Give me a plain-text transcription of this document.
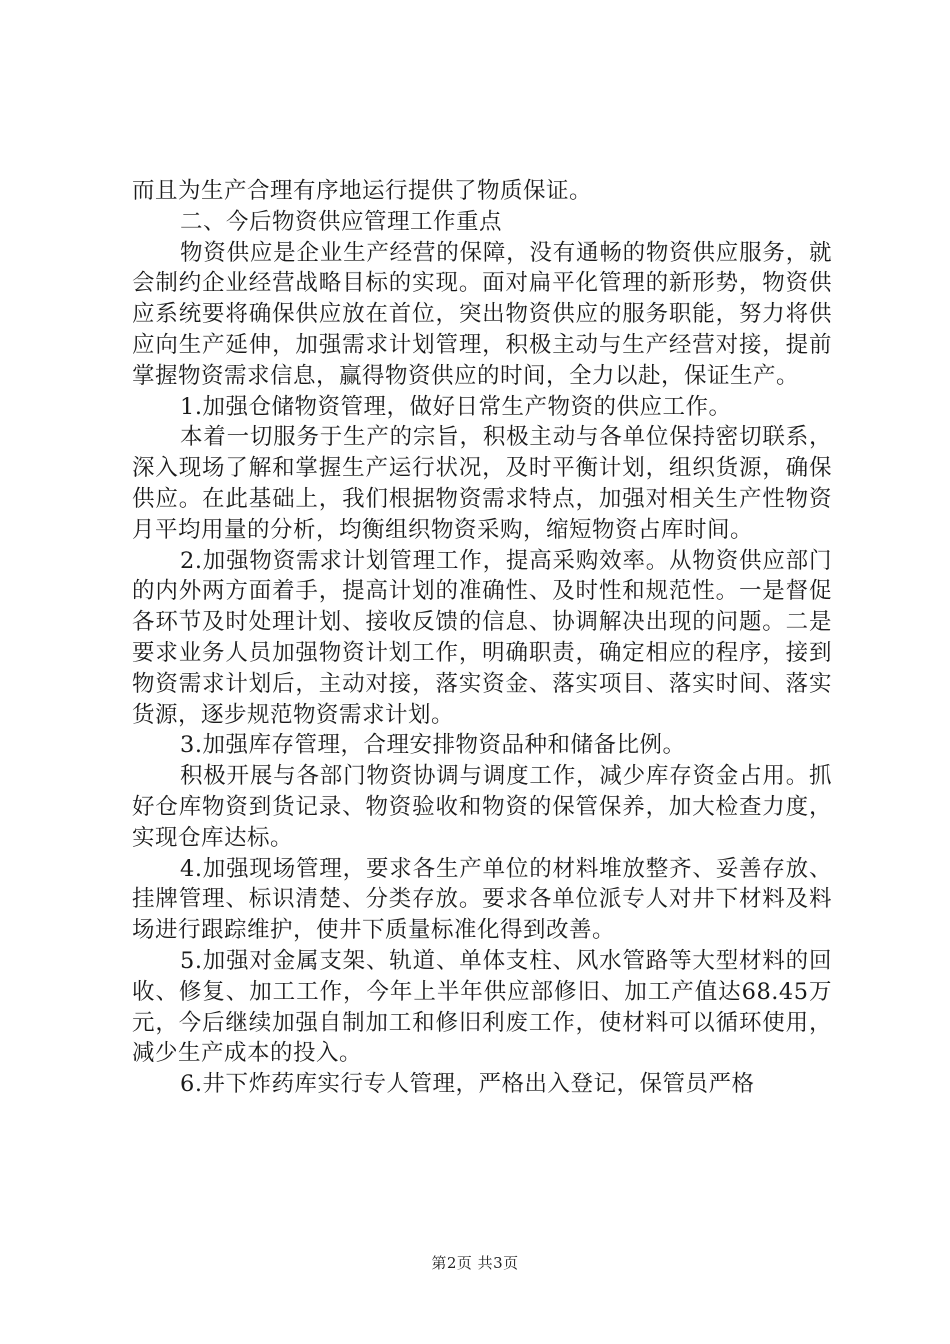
而且为生产合理有序地运行提供了物质保证。

二、今后物资供应管理工作重点

物资供应是企业生产经营的保障，没有通畅的物资供应服务，就会制约企业经营战略目标的实现。面对扁平化管理的新形势，物资供应系统要将确保供应放在首位，突出物资供应的服务职能，努力将供应向生产延伸，加强需求计划管理，积极主动与生产经营对接，提前掌握物资需求信息，赢得物资供应的时间，全力以赴，保证生产。

1.加强仓储物资管理，做好日常生产物资的供应工作。

本着一切服务于生产的宗旨，积极主动与各单位保持密切联系，深入现场了解和掌握生产运行状况，及时平衡计划，组织货源，确保供应。在此基础上，我们根据物资需求特点，加强对相关生产性物资月平均用量的分析，均衡组织物资采购，缩短物资占库时间。

2.加强物资需求计划管理工作，提高采购效率。从物资供应部门的内外两方面着手，提高计划的准确性、及时性和规范性。一是督促各环节及时处理计划、接收反馈的信息、协调解决出现的问题。二是要求业务人员加强物资计划工作，明确职责，确定相应的程序，接到物资需求计划后，主动对接，落实资金、落实项目、落实时间、落实货源，逐步规范物资需求计划。

3.加强库存管理，合理安排物资品种和储备比例。

积极开展与各部门物资协调与调度工作，减少库存资金占用。抓好仓库物资到货记录、物资验收和物资的保管保养，加大检查力度，实现仓库达标。

4.加强现场管理，要求各生产单位的材料堆放整齐、妥善存放、挂牌管理、标识清楚、分类存放。要求各单位派专人对井下材料及料场进行跟踪维护，使井下质量标准化得到改善。

5.加强对金属支架、轨道、单体支柱、风水管路等大型材料的回收、修复、加工工作，今年上半年供应部修旧、加工产值达68.45万元，今后继续加强自制加工和修旧利废工作，使材料可以循环使用，减少生产成本的投入。

6.井下炸药库实行专人管理，严格出入登记，保管员严格

第2页 共3页
